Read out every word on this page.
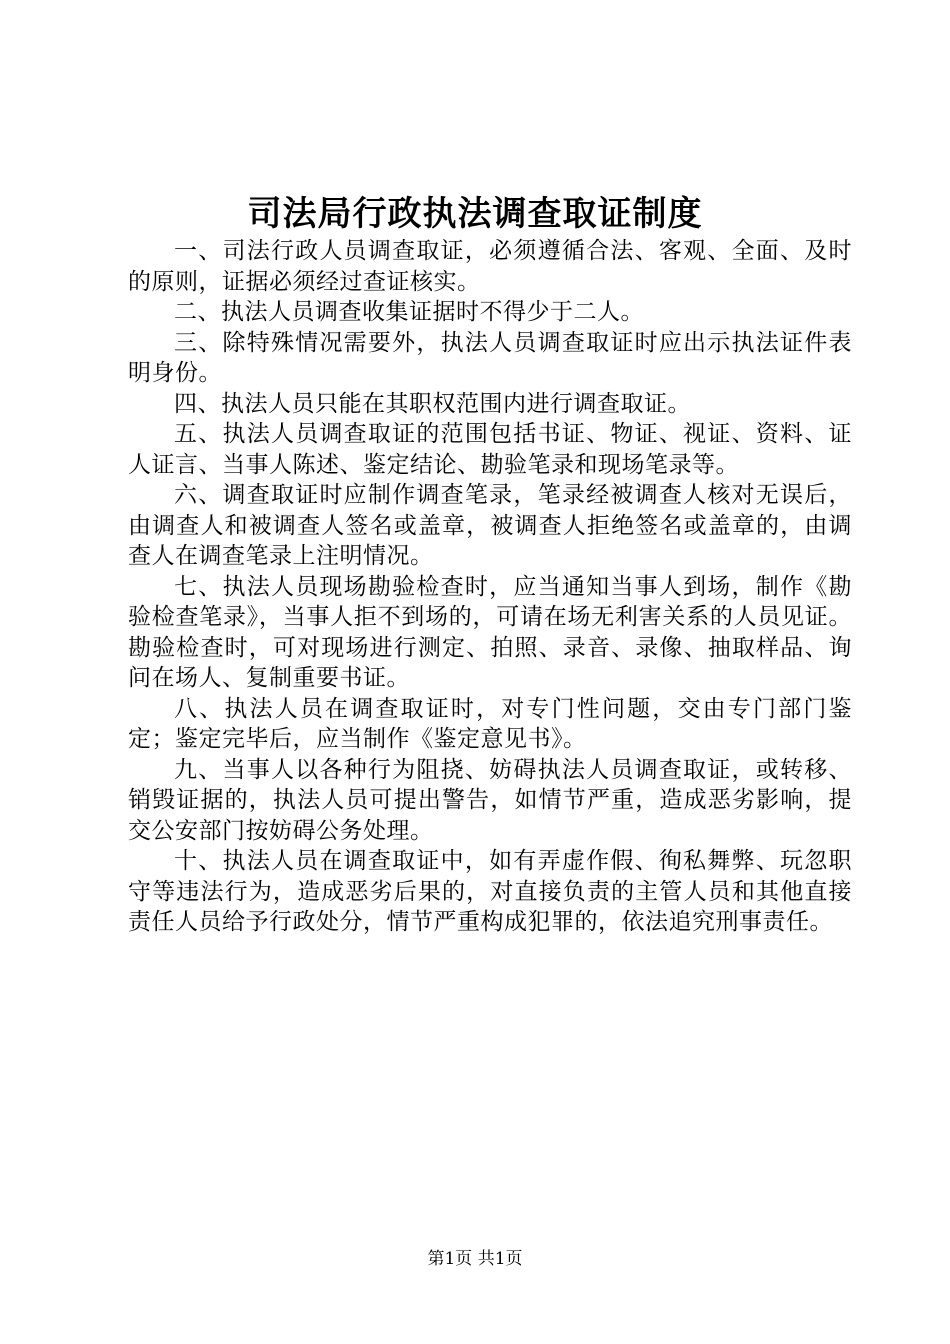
司法局行政执法调查取证制度

一、司法行政人员调查取证，必须遵循合法、客观、全面、及时的原则，证据必须经过查证核实。

二、执法人员调查收集证据时不得少于二人。

三、除特殊情况需要外，执法人员调查取证时应出示执法证件表明身份。

四、执法人员只能在其职权范围内进行调查取证。

五、执法人员调查取证的范围包括书证、物证、视证、资料、证人证言、当事人陈述、鉴定结论、勘验笔录和现场笔录等。

六、调查取证时应制作调查笔录，笔录经被调查人核对无误后，由调查人和被调查人签名或盖章，被调查人拒绝签名或盖章的，由调查人在调查笔录上注明情况。

七、执法人员现场勘验检查时，应当通知当事人到场，制作《勘验检查笔录》，当事人拒不到场的，可请在场无利害关系的人员见证。勘验检查时，可对现场进行测定、拍照、录音、录像、抽取样品、询问在场人、复制重要书证。

八、执法人员在调查取证时，对专门性问题，交由专门部门鉴定；鉴定完毕后，应当制作《鉴定意见书》。

九、当事人以各种行为阻挠、妨碍执法人员调查取证，或转移、销毁证据的，执法人员可提出警告，如情节严重，造成恶劣影响，提交公安部门按妨碍公务处理。

十、执法人员在调查取证中，如有弄虚作假、徇私舞弊、玩忽职守等违法行为，造成恶劣后果的，对直接负责的主管人员和其他直接责任人员给予行政处分，情节严重构成犯罪的，依法追究刑事责任。

第1页 共1页
